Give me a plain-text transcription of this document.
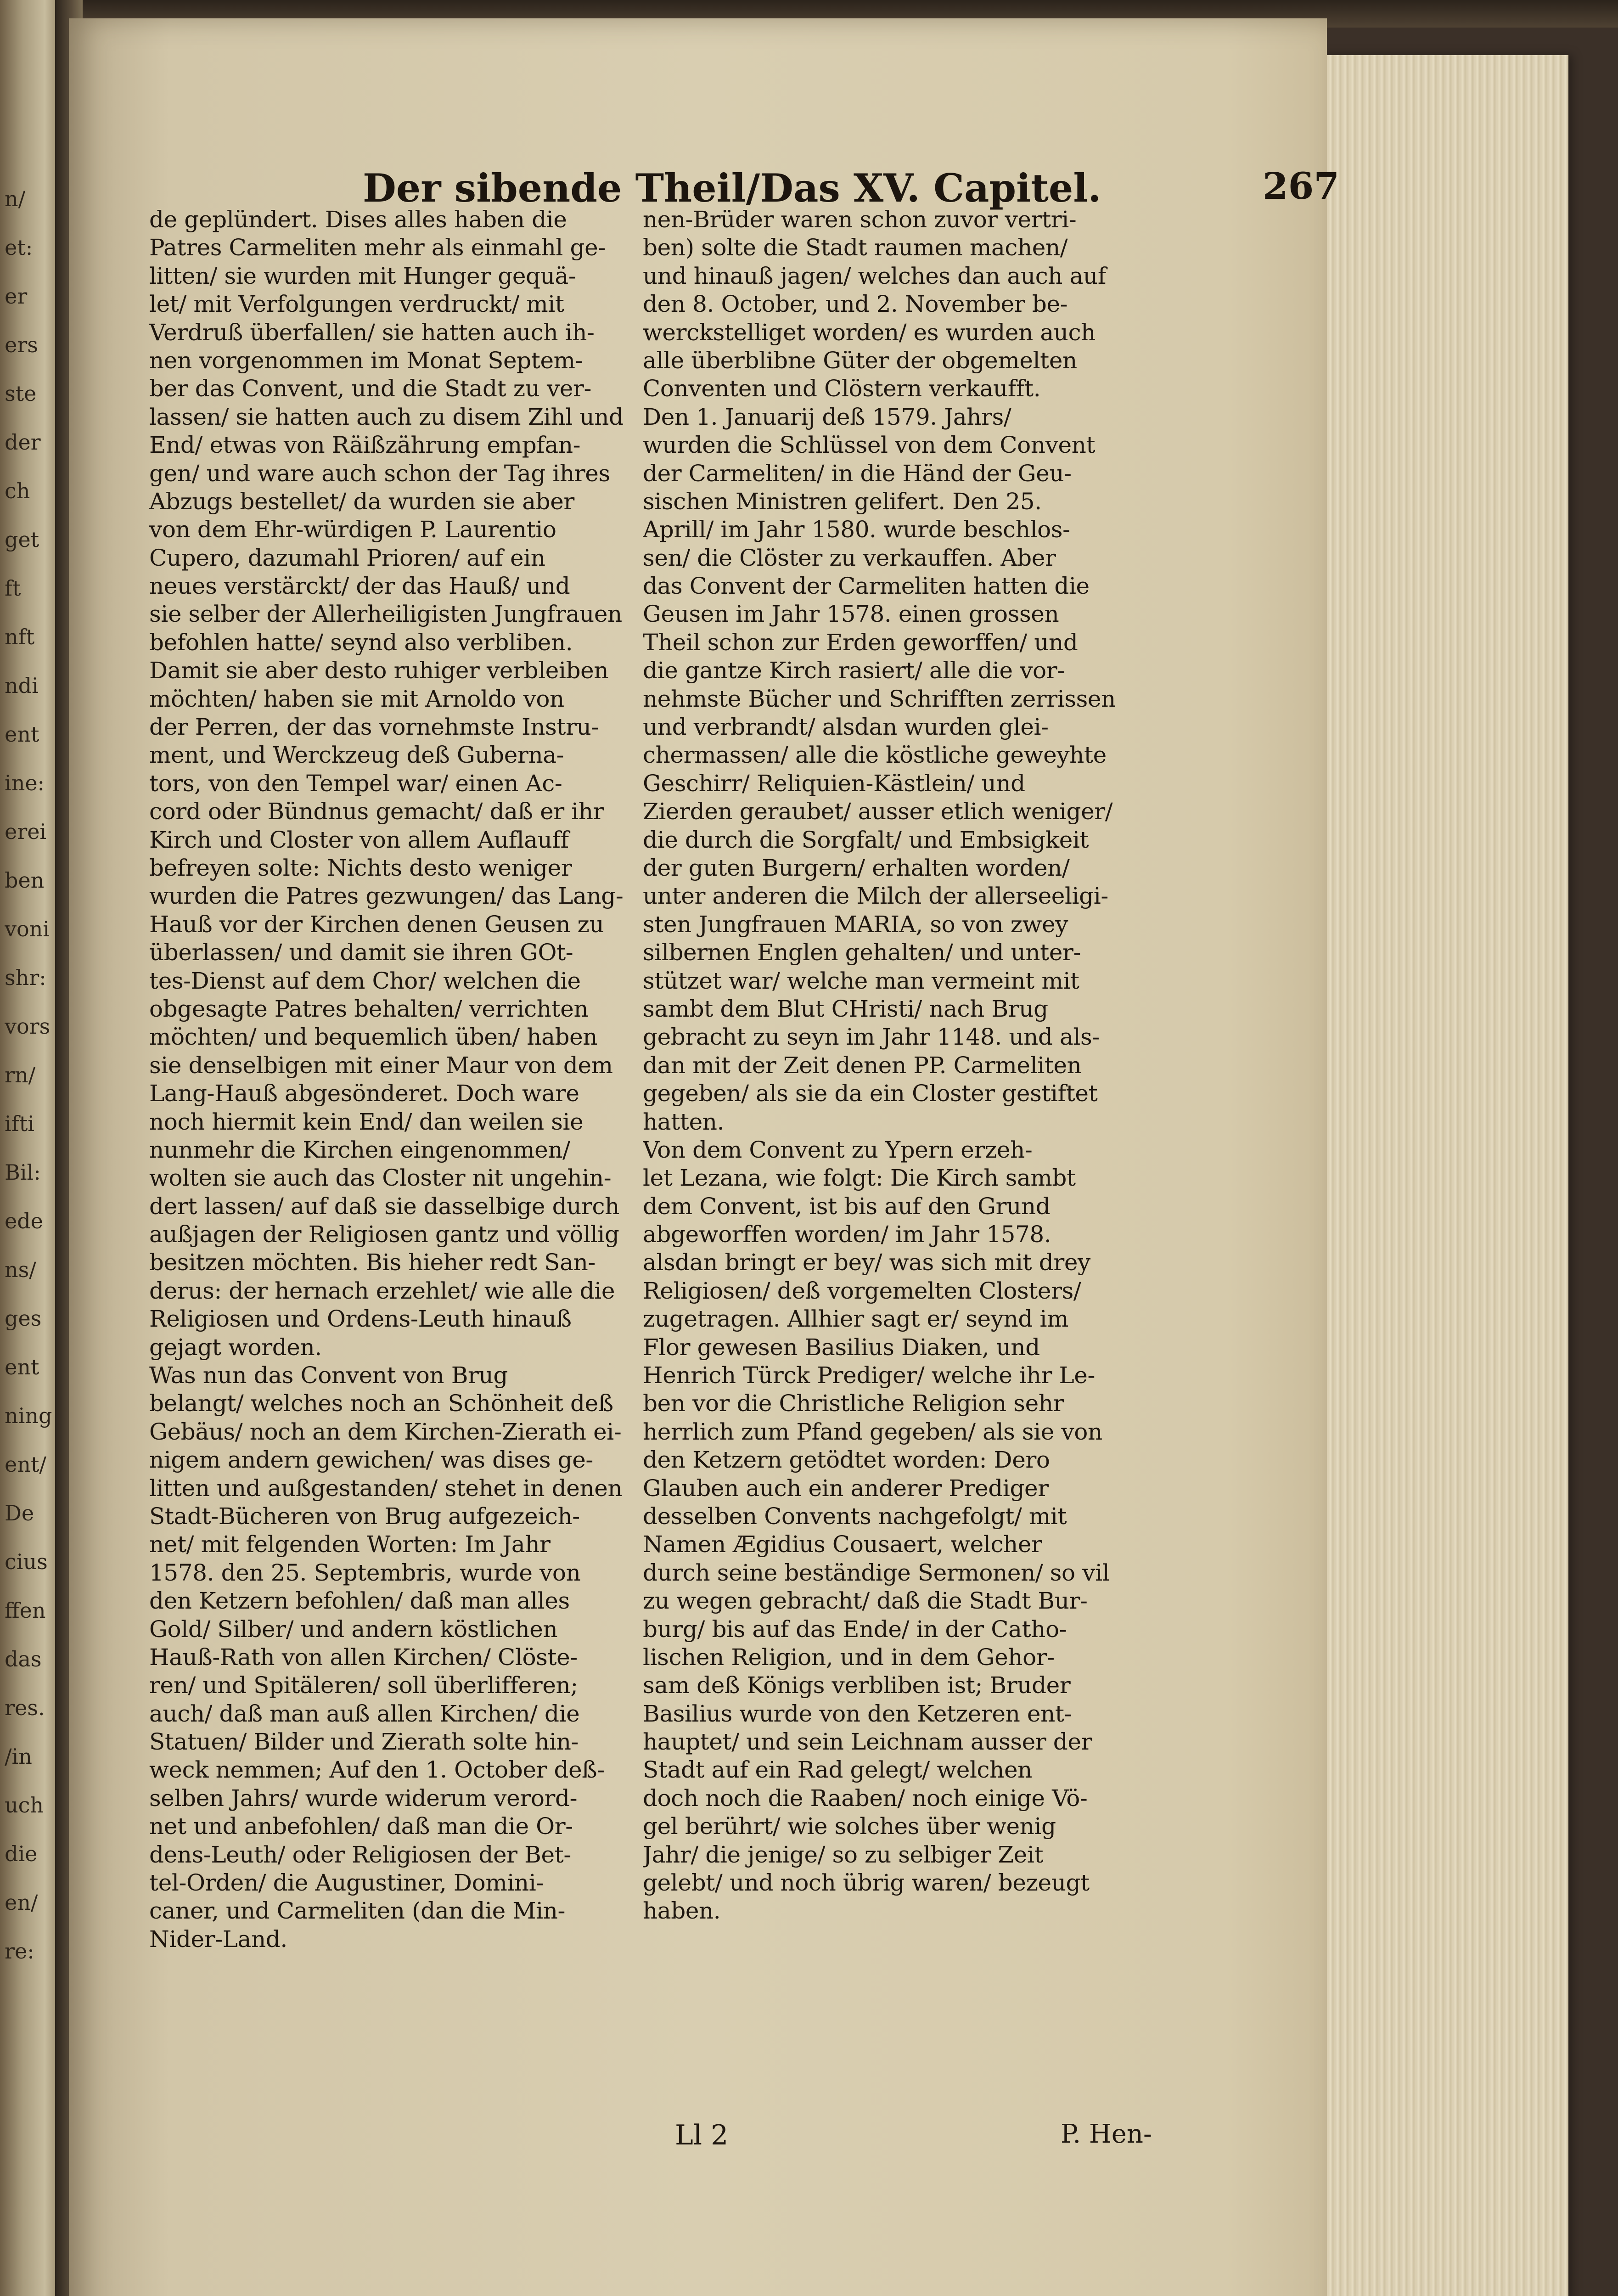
n/
et:
er
ers
ste
der
ch
get
ft
nft
ndi
ent
ine:
erei
ben
voni
shr:
vors
rn/
ifti
Bil:
ede
ns/
ges
ent
ning
ent/
De
cius
ffen
das
res.
/in
uch
die
en/
re:
Der sibende Theil/Das XV. Capitel.	267
de geplündert. Dises alles haben die
Patres Carmeliten mehr als einmahl ge-
litten/ sie wurden mit Hunger gequä-
let/ mit Verfolgungen verdruckt/ mit
Verdruß überfallen/ sie hatten auch ih-
nen vorgenommen im Monat Septem-
ber das Convent, und die Stadt zu ver-
lassen/ sie hatten auch zu disem Zihl und
End/ etwas von Räißzährung empfan-
gen/ und ware auch schon der Tag ihres
Abzugs bestellet/ da wurden sie aber
von dem Ehr-würdigen P. Laurentio
Cupero, dazumahl Prioren/ auf ein
neues verstärckt/ der das Hauß/ und
sie selber der Allerheiligisten Jungfrauen
befohlen hatte/ seynd also verbliben.
Damit sie aber desto ruhiger verbleiben
möchten/ haben sie mit Arnoldo von
der Perren, der das vornehmste Instru-
ment, und Werckzeug deß Guberna-
tors, von den Tempel war/ einen Ac-
cord oder Bündnus gemacht/ daß er ihr
Kirch und Closter von allem Auflauff
befreyen solte: Nichts desto weniger
wurden die Patres gezwungen/ das Lang-
Hauß vor der Kirchen denen Geusen zu
überlassen/ und damit sie ihren GOt-
tes-Dienst auf dem Chor/ welchen die
obgesagte Patres behalten/ verrichten
möchten/ und bequemlich üben/ haben
sie denselbigen mit einer Maur von dem
Lang-Hauß abgesönderet. Doch ware
noch hiermit kein End/ dan weilen sie
nunmehr die Kirchen eingenommen/
wolten sie auch das Closter nit ungehin-
dert lassen/ auf daß sie dasselbige durch
außjagen der Religiosen gantz und völlig
besitzen möchten. Bis hieher redt San-
derus: der hernach erzehlet/ wie alle die
Religiosen und Ordens-Leuth hinauß
gejagt worden.
Was nun das Convent von Brug
belangt/ welches noch an Schönheit deß
Gebäus/ noch an dem Kirchen-Zierath ei-
nigem andern gewichen/ was dises ge-
litten und außgestanden/ stehet in denen
Stadt-Bücheren von Brug aufgezeich-
net/ mit felgenden Worten: Im Jahr
1578. den 25. Septembris, wurde von
den Ketzern befohlen/ daß man alles
Gold/ Silber/ und andern köstlichen
Hauß-Rath von allen Kirchen/ Clöste-
ren/ und Spitäleren/ soll überlifferen;
auch/ daß man auß allen Kirchen/ die
Statuen/ Bilder und Zierath solte hin-
weck nemmen; Auf den 1. October deß-
selben Jahrs/ wurde widerum verord-
net und anbefohlen/ daß man die Or-
dens-Leuth/ oder Religiosen der Bet-
tel-Orden/ die Augustiner, Domini-
caner, und Carmeliten (dan die Min-
Nider-Land.
nen-Brüder waren schon zuvor vertri-
ben) solte die Stadt raumen machen/
und hinauß jagen/ welches dan auch auf
den 8. October, und 2. November be-
werckstelliget worden/ es wurden auch
alle überblibne Güter der obgemelten
Conventen und Clöstern verkaufft.
Den 1. Januarij deß 1579. Jahrs/
wurden die Schlüssel von dem Convent
der Carmeliten/ in die Händ der Geu-
sischen Ministren gelifert. Den 25.
Aprill/ im Jahr 1580. wurde beschlos-
sen/ die Clöster zu verkauffen. Aber
das Convent der Carmeliten hatten die
Geusen im Jahr 1578. einen grossen
Theil schon zur Erden geworffen/ und
die gantze Kirch rasiert/ alle die vor-
nehmste Bücher und Schrifften zerrissen
und verbrandt/ alsdan wurden glei-
chermassen/ alle die köstliche geweyhte
Geschirr/ Reliquien-Kästlein/ und
Zierden geraubet/ ausser etlich weniger/
die durch die Sorgfalt/ und Embsigkeit
der guten Burgern/ erhalten worden/
unter anderen die Milch der allerseeligi-
sten Jungfrauen MARIA, so von zwey
silbernen Englen gehalten/ und unter-
stützet war/ welche man vermeint mit
sambt dem Blut CHristi/ nach Brug
gebracht zu seyn im Jahr 1148. und als-
dan mit der Zeit denen PP. Carmeliten
gegeben/ als sie da ein Closter gestiftet
hatten.
Von dem Convent zu Ypern erzeh-
let Lezana, wie folgt: Die Kirch sambt
dem Convent, ist bis auf den Grund
abgeworffen worden/ im Jahr 1578.
alsdan bringt er bey/ was sich mit drey
Religiosen/ deß vorgemelten Closters/
zugetragen. Allhier sagt er/ seynd im
Flor gewesen Basilius Diaken, und
Henrich Türck Prediger/ welche ihr Le-
ben vor die Christliche Religion sehr
herrlich zum Pfand gegeben/ als sie von
den Ketzern getödtet worden: Dero
Glauben auch ein anderer Prediger
desselben Convents nachgefolgt/ mit
Namen Ægidius Cousaert, welcher
durch seine beständige Sermonen/ so vil
zu wegen gebracht/ daß die Stadt Bur-
burg/ bis auf das Ende/ in der Catho-
lischen Religion, und in dem Gehor-
sam deß Königs verbliben ist; Bruder
Basilius wurde von den Ketzeren ent-
hauptet/ und sein Leichnam ausser der
Stadt auf ein Rad gelegt/ welchen
doch noch die Raaben/ noch einige Vö-
gel berührt/ wie solches über wenig
Jahr/ die jenige/ so zu selbiger Zeit
gelebt/ und noch übrig waren/ bezeugt
haben.
Ll 2	P. Hen-
